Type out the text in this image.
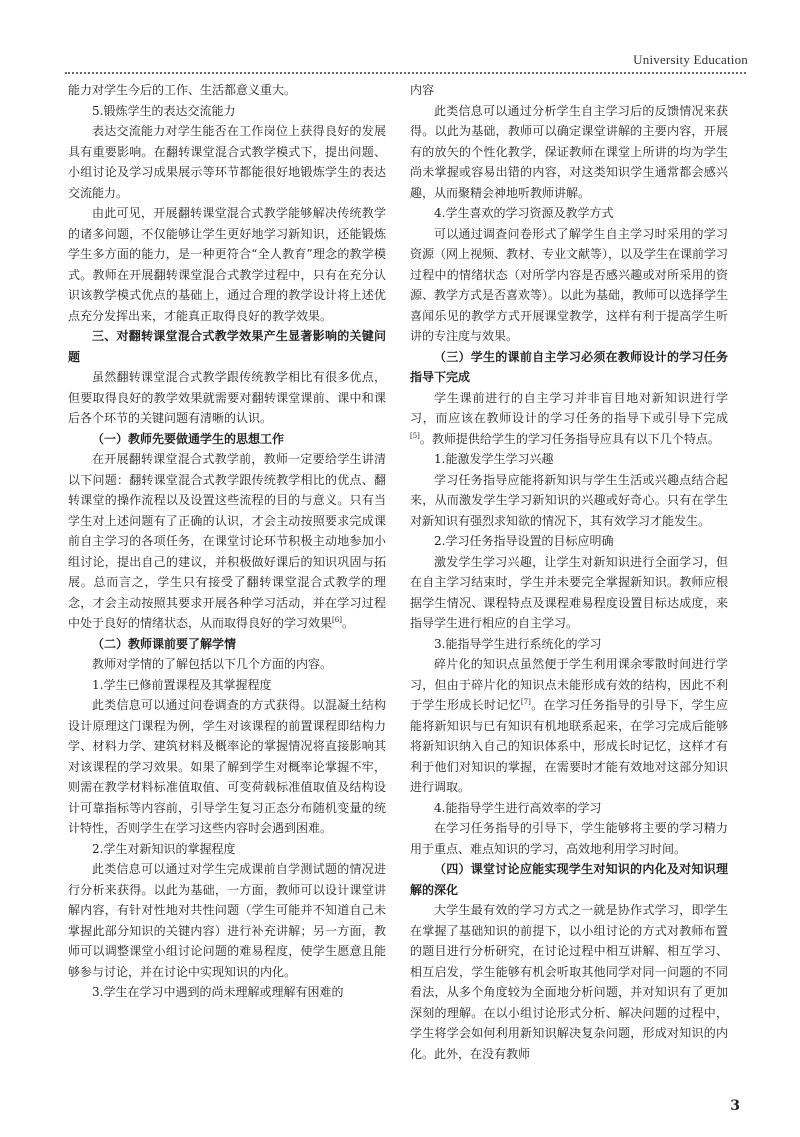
University Education

能力对学生今后的工作、生活都意义重大。

5.锻炼学生的表达交流能力

表达交流能力对学生能否在工作岗位上获得良好的发展具有重要影响。在翻转课堂混合式教学模式下，提出问题、小组讨论及学习成果展示等环节都能很好地锻炼学生的表达交流能力。

由此可见，开展翻转课堂混合式教学能够解决传统教学的诸多问题，不仅能够让学生更好地学习新知识，还能锻炼学生多方面的能力，是一种更符合“全人教育”理念的教学模式。教师在开展翻转课堂混合式教学过程中，只有在充分认识该教学模式优点的基础上，通过合理的教学设计将上述优点充分发挥出来，才能真正取得良好的教学效果。

三、对翻转课堂混合式教学效果产生显著影响的关键问题

虽然翻转课堂混合式教学跟传统教学相比有很多优点，但要取得良好的教学效果就需要对翻转课堂课前、课中和课后各个环节的关键问题有清晰的认识。

（一）教师先要做通学生的思想工作

在开展翻转课堂混合式教学前，教师一定要给学生讲清以下问题：翻转课堂混合式教学跟传统教学相比的优点、翻转课堂的操作流程以及设置这些流程的目的与意义。只有当学生对上述问题有了正确的认识，才会主动按照要求完成课前自主学习的各项任务，在课堂讨论环节积极主动地参加小组讨论，提出自己的建议，并积极做好课后的知识巩固与拓展。总而言之，学生只有接受了翻转课堂混合式教学的理念，才会主动按照其要求开展各种学习活动，并在学习过程中处于良好的情绪状态，从而取得良好的学习效果[6]。

（二）教师课前要了解学情

教师对学情的了解包括以下几个方面的内容。

1.学生已修前置课程及其掌握程度

此类信息可以通过问卷调查的方式获得。以混凝土结构设计原理这门课程为例，学生对该课程的前置课程即结构力学、材料力学、建筑材料及概率论的掌握情况将直接影响其对该课程的学习效果。如果了解到学生对概率论掌握不牢，则需在教学材料标准值取值、可变荷载标准值取值及结构设计可靠指标等内容前，引导学生复习正态分布随机变量的统计特性，否则学生在学习这些内容时会遇到困难。

2.学生对新知识的掌握程度

此类信息可以通过对学生完成课前自学测试题的情况进行分析来获得。以此为基础，一方面，教师可以设计课堂讲解内容，有针对性地对共性问题（学生可能并不知道自己未掌握此部分知识的关键内容）进行补充讲解；另一方面，教师可以调整课堂小组讨论问题的难易程度，使学生愿意且能够参与讨论，并在讨论中实现知识的内化。

3.学生在学习中遇到的尚未理解或理解有困难的

内容

此类信息可以通过分析学生自主学习后的反馈情况来获得。以此为基础，教师可以确定课堂讲解的主要内容，开展有的放矢的个性化教学，保证教师在课堂上所讲的均为学生尚未掌握或容易出错的内容，对这类知识学生通常都会感兴趣，从而聚精会神地听教师讲解。

4.学生喜欢的学习资源及教学方式

可以通过调查问卷形式了解学生自主学习时采用的学习资源（网上视频、教材、专业文献等），以及学生在课前学习过程中的情绪状态（对所学内容是否感兴趣或对所采用的资源、教学方式是否喜欢等）。以此为基础，教师可以选择学生喜闻乐见的教学方式开展课堂教学，这样有利于提高学生听讲的专注度与效果。

（三）学生的课前自主学习必须在教师设计的学习任务指导下完成

学生课前进行的自主学习并非盲目地对新知识进行学习，而应该在教师设计的学习任务的指导下或引导下完成[5]。教师提供给学生的学习任务指导应具有以下几个特点。

1.能激发学生学习兴趣

学习任务指导应能将新知识与学生生活或兴趣点结合起来，从而激发学生学习新知识的兴趣或好奇心。只有在学生对新知识有强烈求知欲的情况下，其有效学习才能发生。

2.学习任务指导设置的目标应明确

激发学生学习兴趣，让学生对新知识进行全面学习，但在自主学习结束时，学生并未要完全掌握新知识。教师应根据学生情况、课程特点及课程难易程度设置目标达成度，来指导学生进行相应的自主学习。

3.能指导学生进行系统化的学习

碎片化的知识点虽然便于学生利用课余零散时间进行学习，但由于碎片化的知识点未能形成有效的结构，因此不利于学生形成长时记忆[7]。在学习任务指导的引导下，学生应能将新知识与已有知识有机地联系起来，在学习完成后能够将新知识纳入自己的知识体系中，形成长时记忆，这样才有利于他们对知识的掌握，在需要时才能有效地对这部分知识进行调取。

4.能指导学生进行高效率的学习

在学习任务指导的引导下，学生能够将主要的学习精力用于重点、难点知识的学习，高效地利用学习时间。

（四）课堂讨论应能实现学生对知识的内化及对知识理解的深化

大学生最有效的学习方式之一就是协作式学习，即学生在掌握了基础知识的前提下，以小组讨论的方式对教师布置的题目进行分析研究，在讨论过程中相互讲解、相互学习、相互启发，学生能够有机会听取其他同学对同一问题的不同看法，从多个角度较为全面地分析问题，并对知识有了更加深刻的理解。在以小组讨论形式分析、解决问题的过程中，学生将学会如何利用新知识解决复杂问题，形成对知识的内化。此外，在没有教师

3
